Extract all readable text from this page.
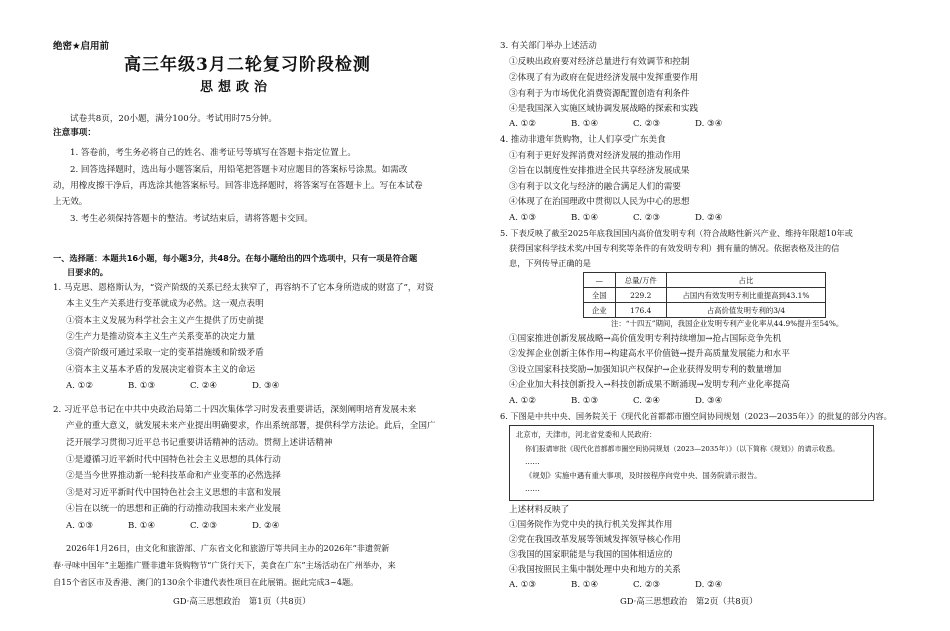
绝密★启用前
高三年级3月二轮复习阶段检测
思想政治
试卷共8页，20小题，满分100分。考试用时75分钟。
注意事项：
1. 答卷前，考生务必将自己的姓名、准考证号等填写在答题卡指定位置上。
2. 回答选择题时，选出每小题答案后，用铅笔把答题卡对应题目的答案标号涂黑。如需改
动，用橡皮擦干净后，再选涂其他答案标号。回答非选择题时，将答案写在答题卡上。写在本试卷
上无效。
3. 考生必须保持答题卡的整洁。考试结束后，请将答题卡交回。
一、选择题：本题共16小题，每小题3分，共48分。在每小题给出的四个选项中，只有一项是符合题
目要求的。
1. 马克思、恩格斯认为，“资产阶级的关系已经太狭窄了，再容纳不了它本身所造成的财富了”，对资
本主义生产关系进行变革就成为必然。这一观点表明
①资本主义发展为科学社会主义产生提供了历史前提
②生产力是推动资本主义生产关系变革的决定力量
③资产阶级可通过采取一定的变革措施缓和阶级矛盾
④资本主义基本矛盾的发展决定着资本主义的命运
A. ①②	B. ①③	C. ②④	D. ③④
2. 习近平总书记在中共中央政治局第二十四次集体学习时发表重要讲话，深刻阐明培育发展未来
产业的重大意义，就发展未来产业提出明确要求，作出系统部署，提供科学方法论。此后，全国广
泛开展学习贯彻习近平总书记重要讲话精神的活动。贯彻上述讲话精神
①是遵循习近平新时代中国特色社会主义思想的具体行动
②是当今世界推动新一轮科技革命和产业变革的必然选择
③是对习近平新时代中国特色社会主义思想的丰富和发展
④旨在以统一的思想和正确的行动推动我国未来产业发展
A. ①③	B. ①④	C. ②③	D. ②④
2026年1月26日，由文化和旅游部、广东省文化和旅游厅等共同主办的2026年“非遗贺新
春·寻味中国年”主题推广暨非遗年货购物节“广货行天下，美食在广东”主场活动在广州举办，来
自15个省区市及香港、澳门的130余个非遗代表性项目在此展销。据此完成3~4题。
GD·高三思想政治　第1页（共8页）
3. 有关部门举办上述活动
①反映出政府要对经济总量进行有效调节和控制
②体现了有为政府在促进经济发展中发挥重要作用
③有利于为市场优化消费资源配置创造有利条件
④是我国深入实施区域协调发展战略的探索和实践
A. ①②	B. ①④	C. ②③	D. ③④
4. 推动非遗年货购物，让人们享受广东美食
①有利于更好发挥消费对经济发展的推动作用
②旨在以制度性安排推进全民共享经济发展成果
③有利于以文化与经济的融合满足人们的需要
④体现了在治国理政中贯彻以人民为中心的思想
A. ①③	B. ①④	C. ②③	D. ②④
5. 下表反映了截至2025年底我国国内高价值发明专利（符合战略性新兴产业、维持年限超10年或
获得国家科学技术奖/中国专利奖等条件的有效发明专利）拥有量的情况。依据表格及注的信
息，下列传导正确的是
—	总量/万件	占比
全国	229.2	占国内有效发明专利比重提高到43.1%
企业	176.4	占高价值发明专利的3/4
注：“十四五”期间，我国企业发明专利产业化率从44.9%提升至54%。
①国家推进创新发展战略→高价值发明专利持续增加→抢占国际竞争先机
②发挥企业创新主体作用→构建高水平价值链→提升高质量发展能力和水平
③设立国家科技奖励→加强知识产权保护→企业获得发明专利的数量增加
④企业加大科技创新投入→科技创新成果不断涌现→发明专利产业化率提高
A. ①②	B. ①③	C. ②④	D. ③④
6. 下图是中共中央、国务院关于《现代化首都都市圈空间协同规划（2023—2035年）》的批复的部分内容。
北京市，天津市，河北省党委和人民政府：
你们报请审批《现代化首都都市圈空间协同规划（2023—2035年）》（以下简称《规划》）的请示收悉。
……
《规划》实施中遇有重大事项，及时按程序向党中央、国务院请示报告。
……
上述材料反映了
①国务院作为党中央的执行机关发挥其作用
②党在我国改革发展等领域发挥领导核心作用
③我国的国家职能是与我国的国体相适应的
④我国按照民主集中制处理中央和地方的关系
A. ①③	B. ①④	C. ②③	D. ②④
GD·高三思想政治　第2页（共8页）
